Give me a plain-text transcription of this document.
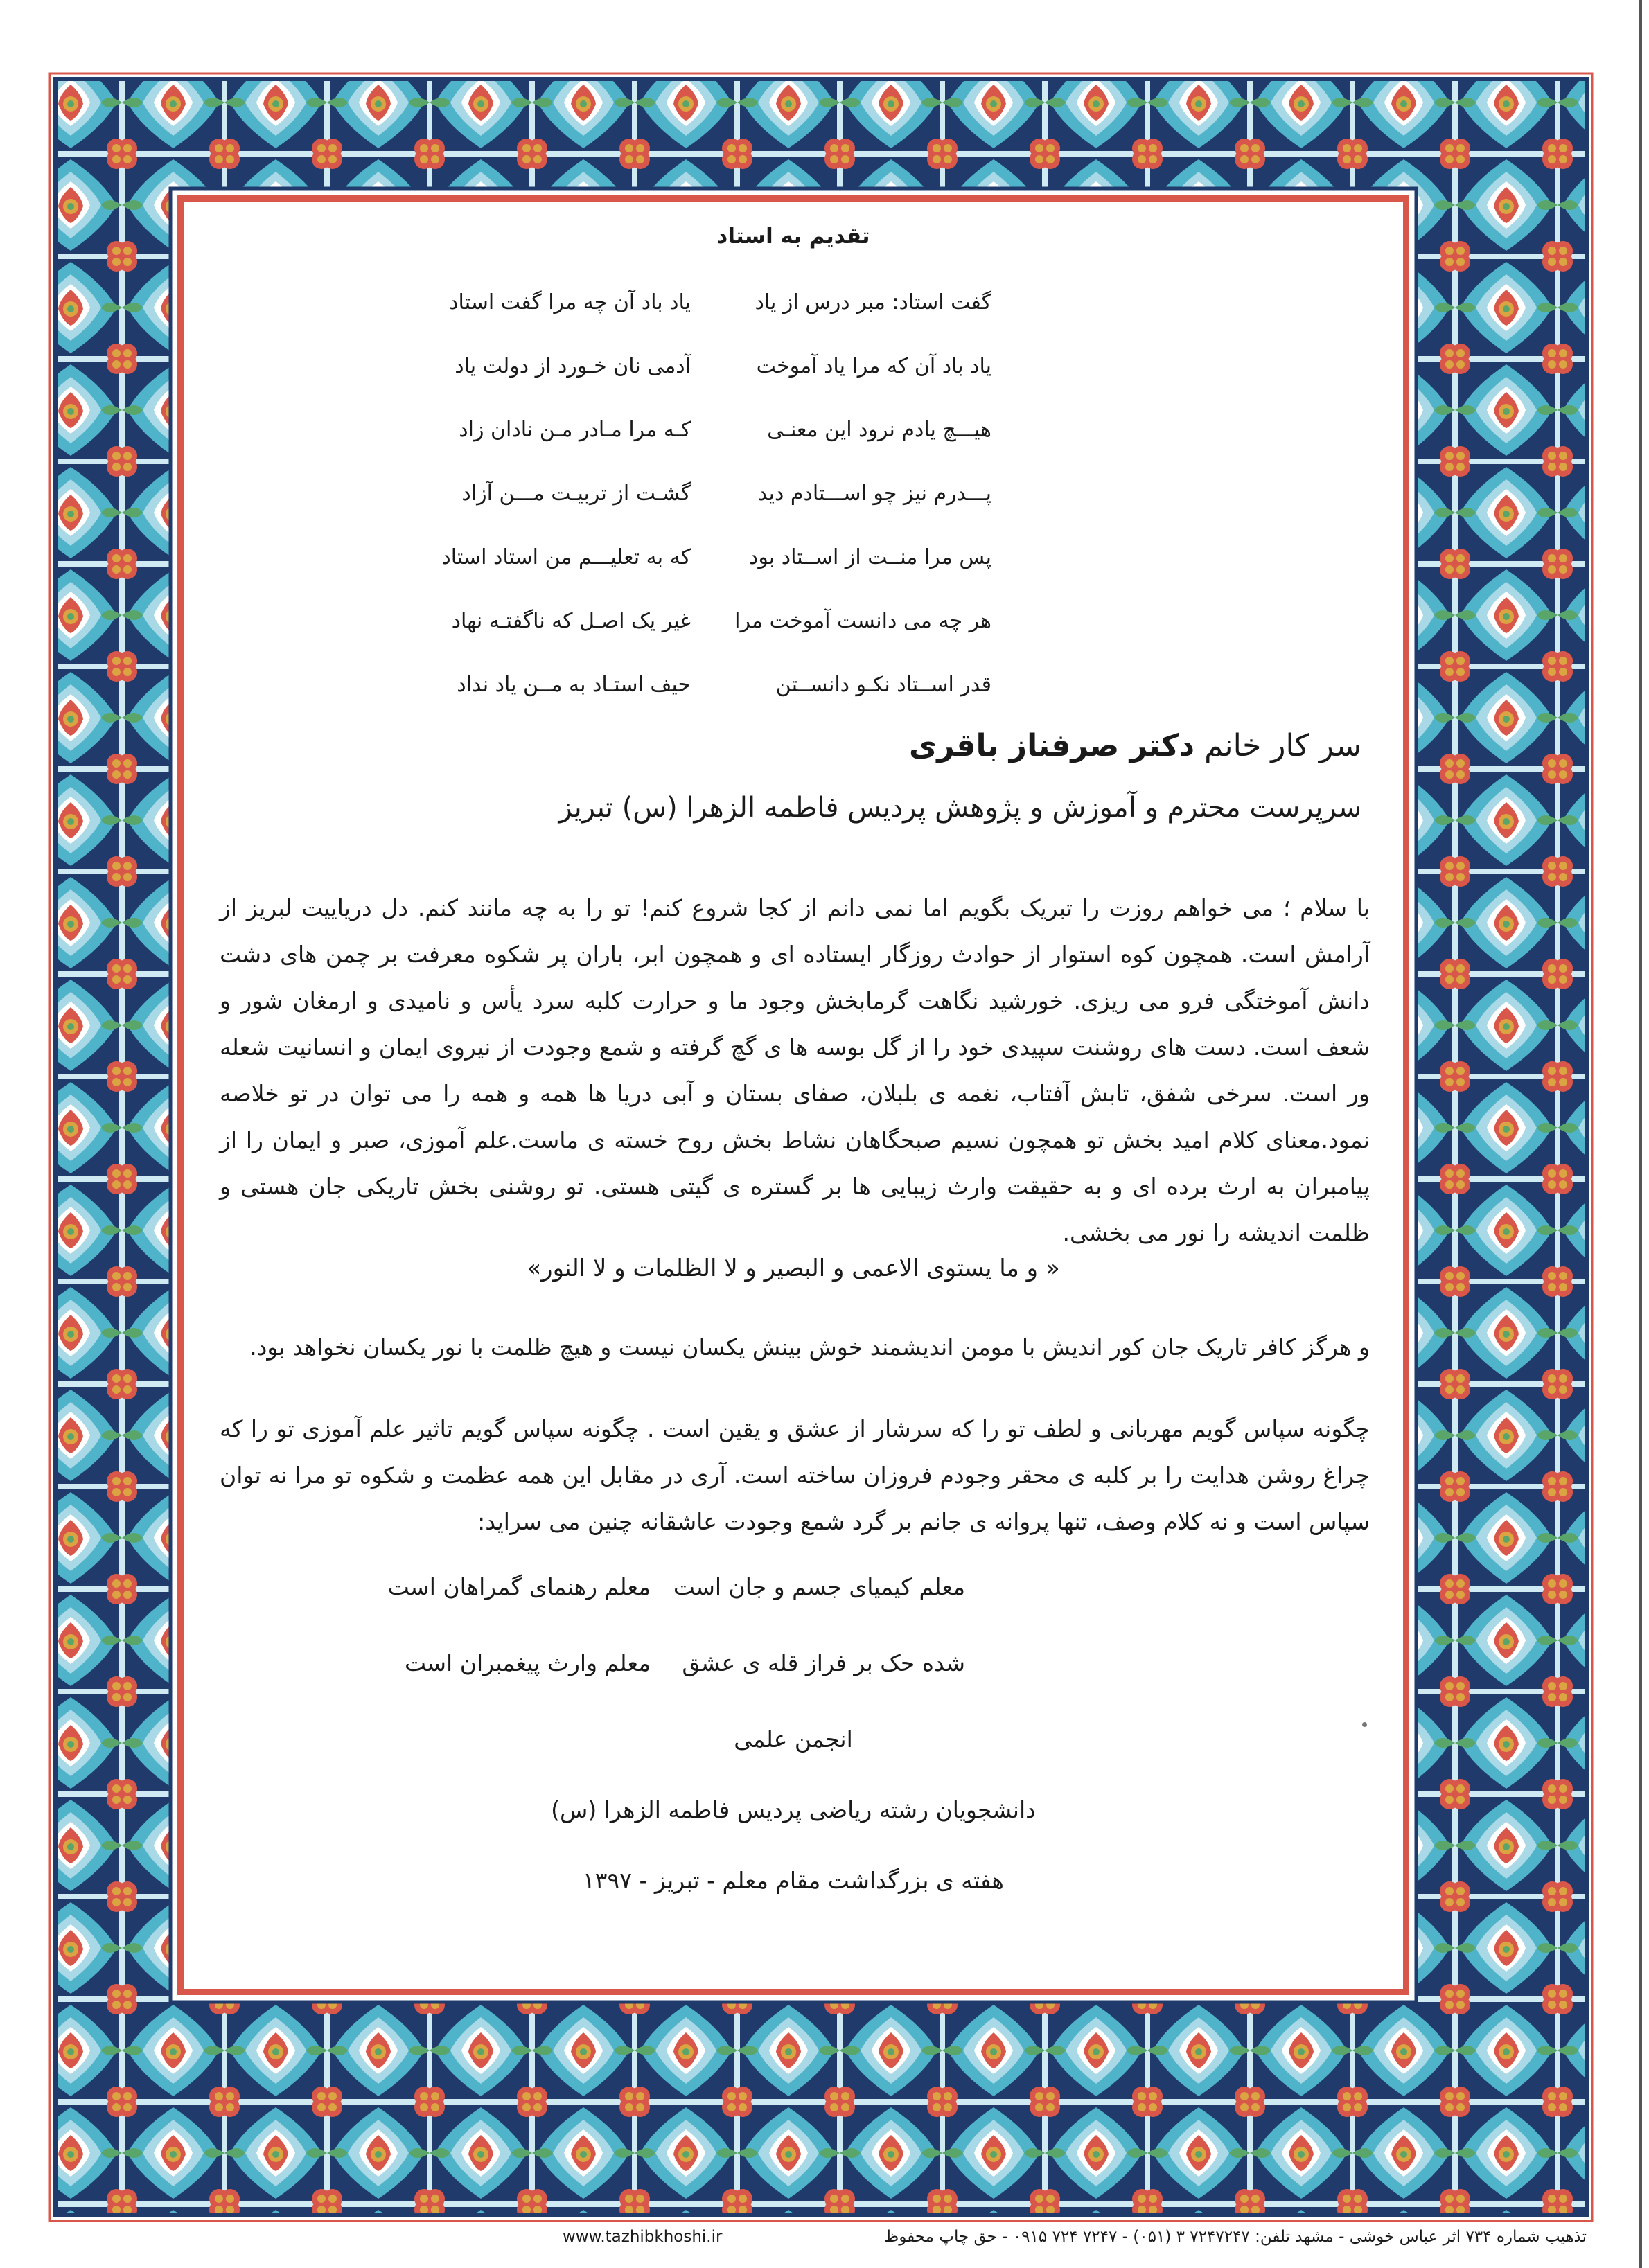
تقدیم به استاد
گفت استاد: مبر درس از یاد
یاد باد آن چه مرا گفت استاد
یاد باد آن که مرا یاد آموخت
آدمی نان خـورد از دولت یاد
هیـــچ یادم نرود این معنـی
کـه مرا مـادر مـن نادان زاد
پـــدرم نیز چو اســـتادم دید
گشـت از تربیـت مـــن آزاد
پس مرا منــت از اســتاد بود
که به تعلیـــم من استاد استاد
هر چه می دانست آموخت مرا
غیر یک اصـل که ناگفتـه نهاد
قدر اســتاد نکـو دانســتن
حیف استـاد به مــن یاد نداد
سر کار خانم دکتر صرفناز باقری
سرپرست محترم و آموزش و پژوهش پردیس فاطمه الزهرا (س) تبریز
با سلام ؛ می خواهم روزت را تبریک بگویم اما نمی دانم از کجا شروع کنم! تو را به چه مانند کنم. دل دریاییت لبریز از آرامش است. همچون کوه استوار از حوادث روزگار ایستاده ای و همچون ابر، باران پر شکوه معرفت بر چمن های دشت دانش آموختگی فرو می ریزی. خورشید نگاهت گرمابخش وجود ما و حرارت کلبه سرد یأس و نامیدی و ارمغان شور و شعف است. دست های روشنت سپیدی خود را از گل بوسه ها ی گچ گرفته و شمع وجودت از نیروی ایمان و انسانیت شعله ور است. سرخی شفق، تابش آفتاب، نغمه ی بلبلان، صفای بستان و آبی دریا ها همه و همه را می توان در تو خلاصه نمود.معنای کلام امید بخش تو همچون نسیم صبحگاهان نشاط بخش روح خسته ی ماست.علم آموزی، صبر و ایمان را از پیامبران به ارث برده ای و به حقیقت وارث زیبایی ها بر گستره ی گیتی هستی. تو روشنی بخش تاریکی جان هستی و ظلمت اندیشه را نور می بخشی.
« و ما یستوی الاعمی و البصیر و لا الظلمات و لا النور»
و هرگز کافر تاریک جان کور اندیش با مومن اندیشمند خوش بینش یکسان نیست و هیچ ظلمت با نور یکسان نخواهد بود.
چگونه سپاس گویم مهربانی و لطف تو را که سرشار از عشق و یقین است . چگونه سپاس گویم تاثیر علم آموزی تو را که چراغ روشن هدایت را بر کلبه ی محقر وجودم فروزان ساخته است. آری در مقابل این همه عظمت و شکوه تو مرا نه توان سپاس است و نه کلام وصف، تنها پروانه ی جانم بر گرد شمع وجودت عاشقانه چنین می سراید:
معلم کیمیای جسم و جان است
معلم رهنمای گمراهان است
شده حک بر فراز قله ی عشق
معلم وارث پیغمبران است
انجمن علمی
دانشجویان رشته ریاضی پردیس فاطمه الزهرا (س)
هفته ی بزرگداشت مقام معلم - تبریز - ۱۳۹۷
www.tazhibkhoshi.ir	تذهیب شماره ۷۳۴ اثر عباس خوشی - مشهد تلفن: ۷۲۴۷۲۴۷ ۳ (۰۵۱) - ۷۲۴۷ ۷۲۴ ۰۹۱۵ - حق چاپ محفوظ
